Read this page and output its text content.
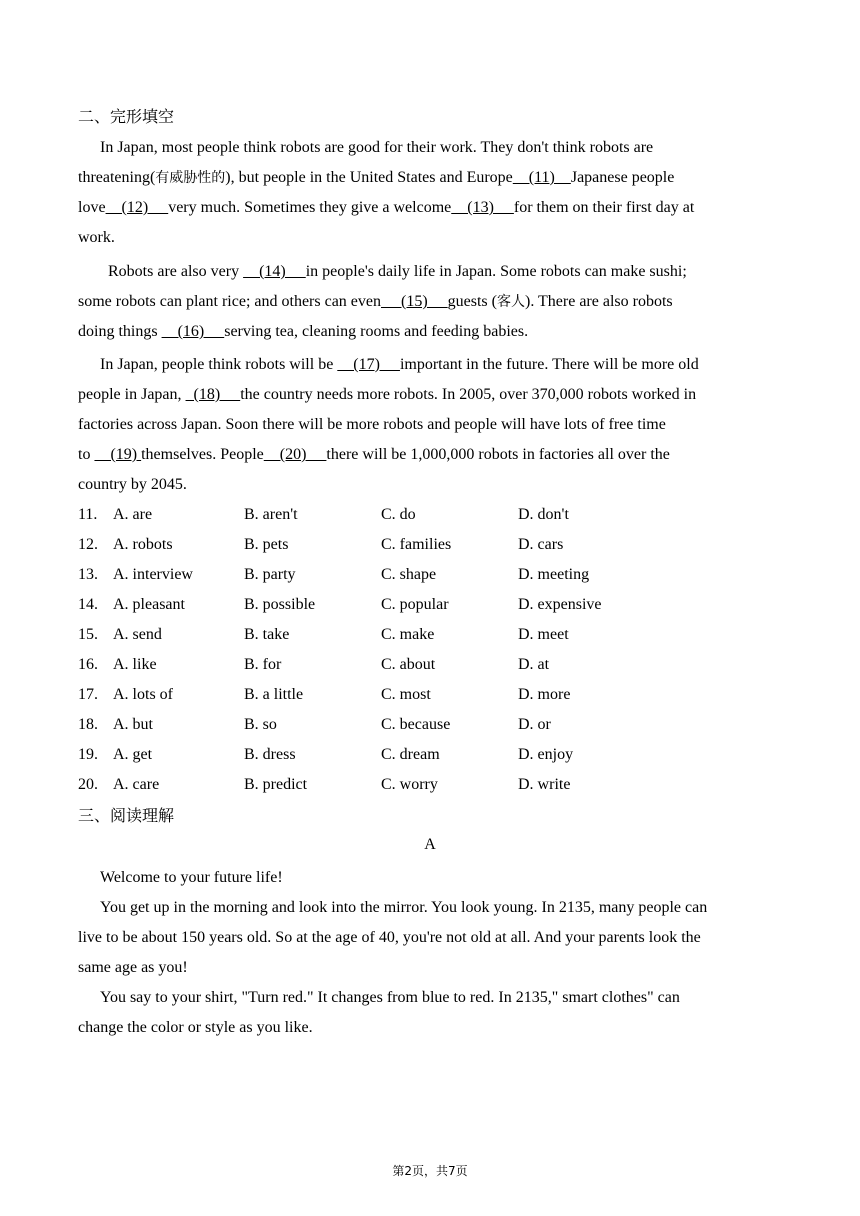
二、完形填空
In Japan, most people think robots are good for their work. They don't think robots are
threatening(有威胁性的), but people in the United States and Europe    (11)    Japanese people
love    (12)     very much. Sometimes they give a welcome    (13)     for them on their first day at
work.
Robots are also very     (14)     in people's daily life in Japan. Some robots can make sushi;
some robots can plant rice; and others can even     (15)     guests (客人). There are also robots
doing things     (16)     serving tea, cleaning rooms and feeding babies.
In Japan, people think robots will be     (17)     important in the future. There will be more old
people in Japan,   (18)     the country needs more robots. In 2005, over 370,000 robots worked in
factories across Japan. Soon there will be more robots and people will have lots of free time
to     (19) themselves. People    (20)     there will be 1,000,000 robots in factories all over the
country by 2045.
11. A. are	B. aren't	C. do	D. don't
12. A. robots	B. pets	C. families	D. cars
13. A. interview	B. party	C. shape	D. meeting
14. A. pleasant	B. possible	C. popular	D. expensive
15. A. send	B. take	C. make	D. meet
16. A. like	B. for	C. about	D. at
17. A. lots of	B. a little	C. most	D. more
18. A. but	B. so	C. because	D. or
19. A. get	B. dress	C. dream	D. enjoy
20. A. care	B. predict	C. worry	D. write
三、阅读理解
A
Welcome to your future life!
You get up in the morning and look into the mirror. You look young. In 2135, many people can
live to be about 150 years old. So at the age of 40, you're not old at all. And your parents look the
same age as you!
You say to your shirt, "Turn red." It changes from blue to red. In 2135," smart clothes" can
change the color or style as you like.
第2页，共7页
